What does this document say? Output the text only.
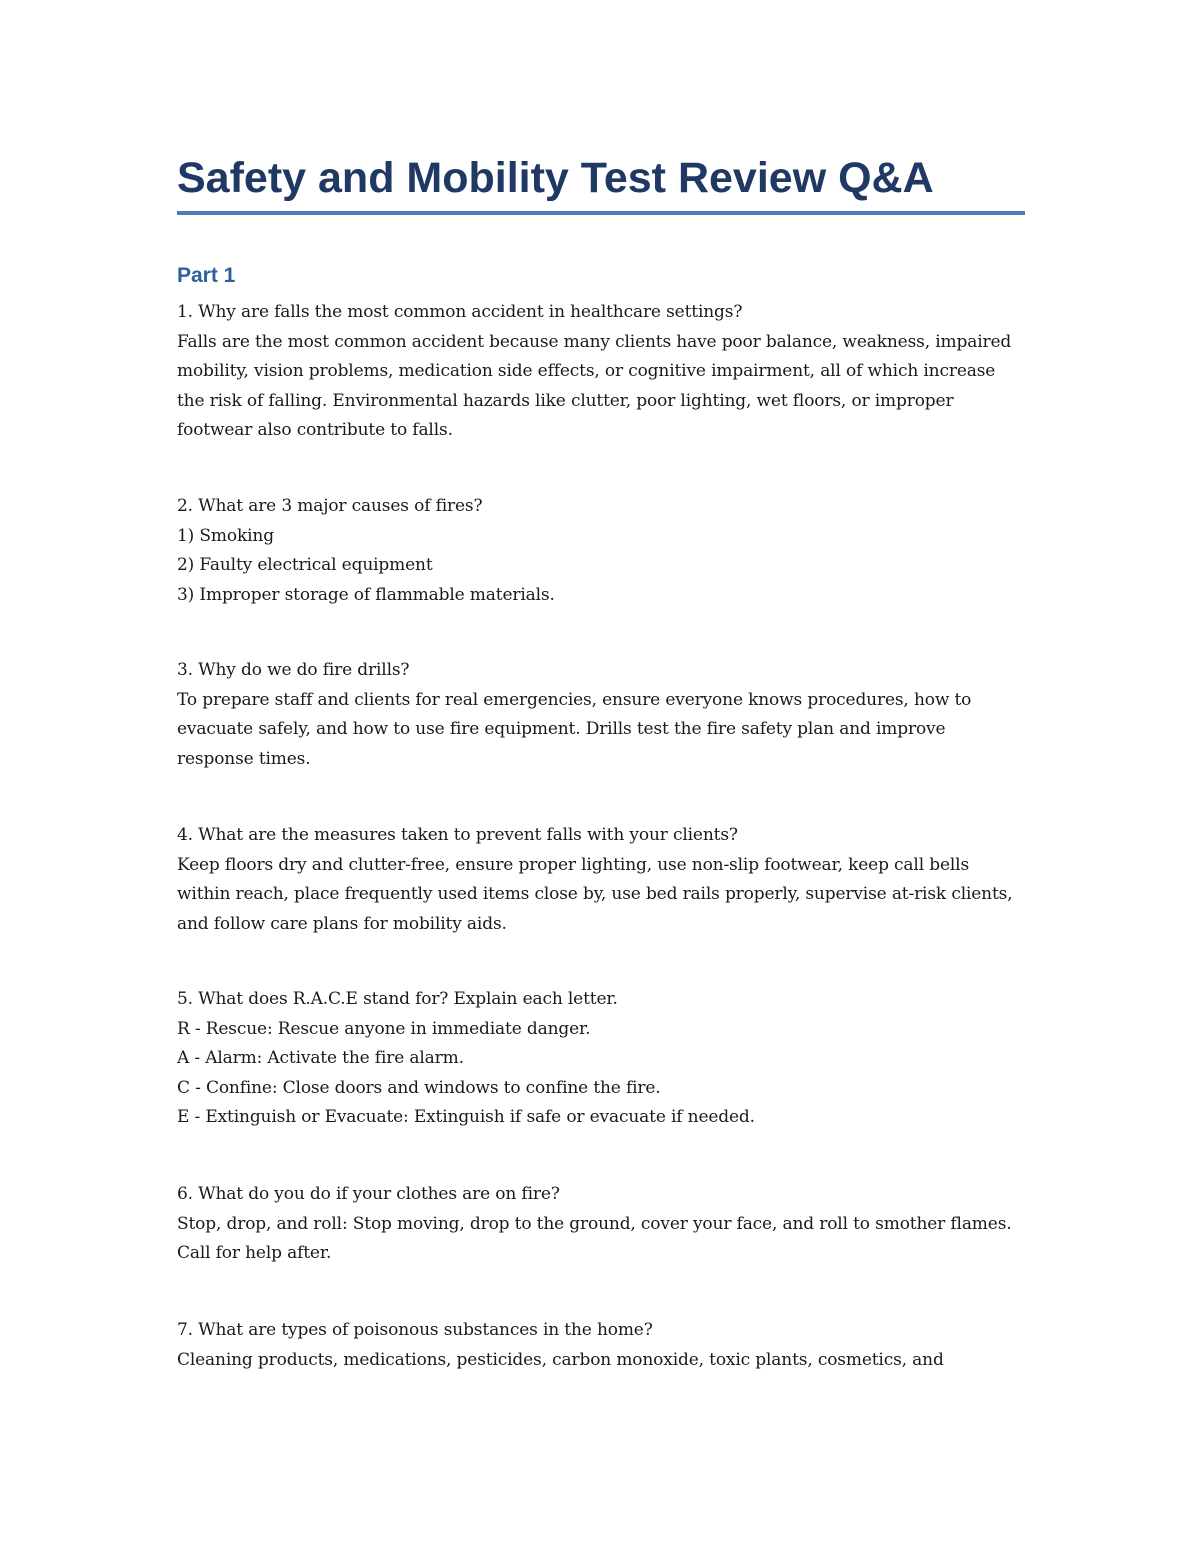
Safety and Mobility Test Review Q&A
Part 1

1. Why are falls the most common accident in healthcare settings?

Falls are the most common accident because many clients have poor balance, weakness, impaired mobility, vision problems, medication side effects, or cognitive impairment, all of which increase the risk of falling. Environmental hazards like clutter, poor lighting, wet floors, or improper footwear also contribute to falls.

2. What are 3 major causes of fires?

1) Smoking

2) Faulty electrical equipment

3) Improper storage of flammable materials.

3. Why do we do fire drills?

To prepare staff and clients for real emergencies, ensure everyone knows procedures, how to evacuate safely, and how to use fire equipment. Drills test the fire safety plan and improve response times.

4. What are the measures taken to prevent falls with your clients?

Keep floors dry and clutter-free, ensure proper lighting, use non-slip footwear, keep call bells within reach, place frequently used items close by, use bed rails properly, supervise at-risk clients, and follow care plans for mobility aids.

5. What does R.A.C.E stand for? Explain each letter.

R - Rescue: Rescue anyone in immediate danger.

A - Alarm: Activate the fire alarm.

C - Confine: Close doors and windows to confine the fire.

E - Extinguish or Evacuate: Extinguish if safe or evacuate if needed.

6. What do you do if your clothes are on fire?

Stop, drop, and roll: Stop moving, drop to the ground, cover your face, and roll to smother flames. Call for help after.

7. What are types of poisonous substances in the home?

Cleaning products, medications, pesticides, carbon monoxide, toxic plants, cosmetics, and
